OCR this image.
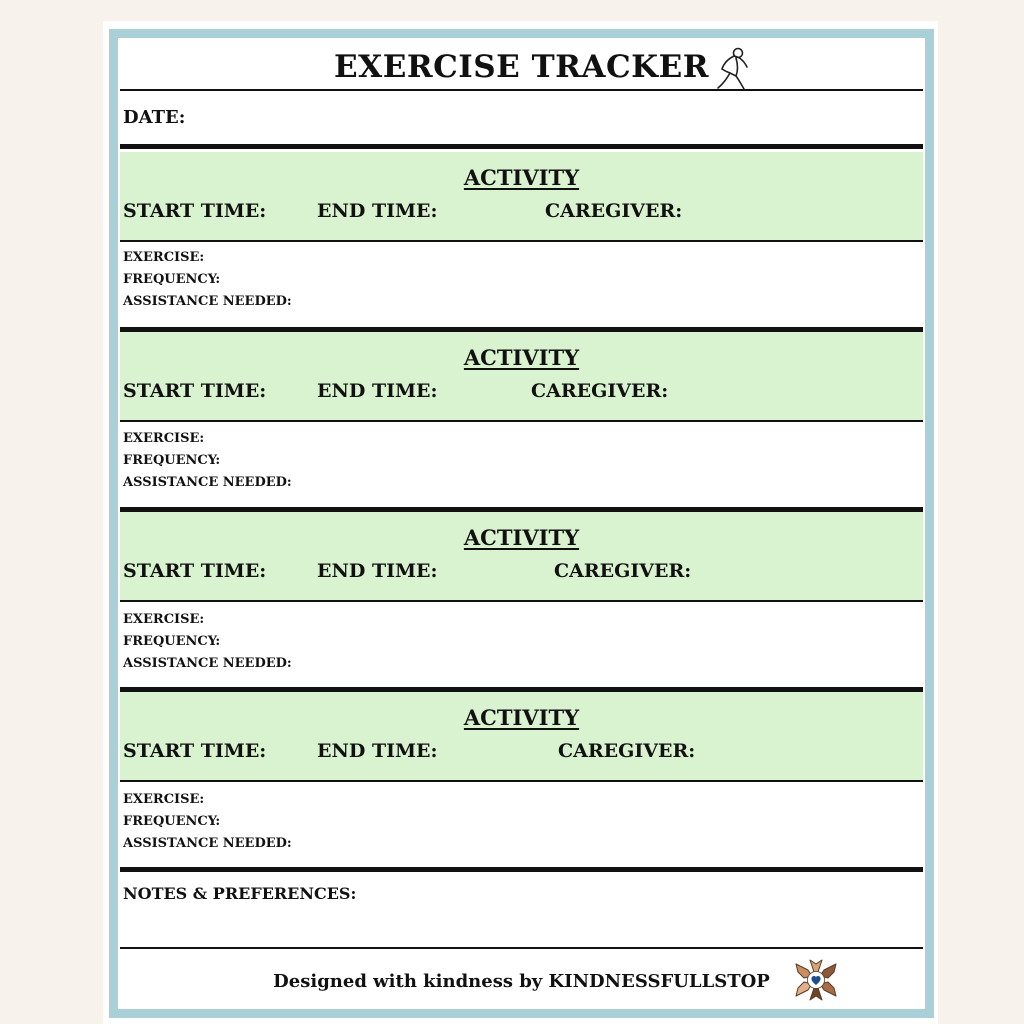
EXERCISE TRACKER
DATE:
ACTIVITY
START TIME:	END TIME:	CAREGIVER:
EXERCISE:
FREQUENCY:
ASSISTANCE NEEDED:
ACTIVITY
START TIME:	END TIME:	CAREGIVER:
EXERCISE:
FREQUENCY:
ASSISTANCE NEEDED:
ACTIVITY
START TIME:	END TIME:	CAREGIVER:
EXERCISE:
FREQUENCY:
ASSISTANCE NEEDED:
ACTIVITY
START TIME:	END TIME:	CAREGIVER:
EXERCISE:
FREQUENCY:
ASSISTANCE NEEDED:
NOTES & PREFERENCES:
Designed with kindness by KINDNESSFULLSTOP
